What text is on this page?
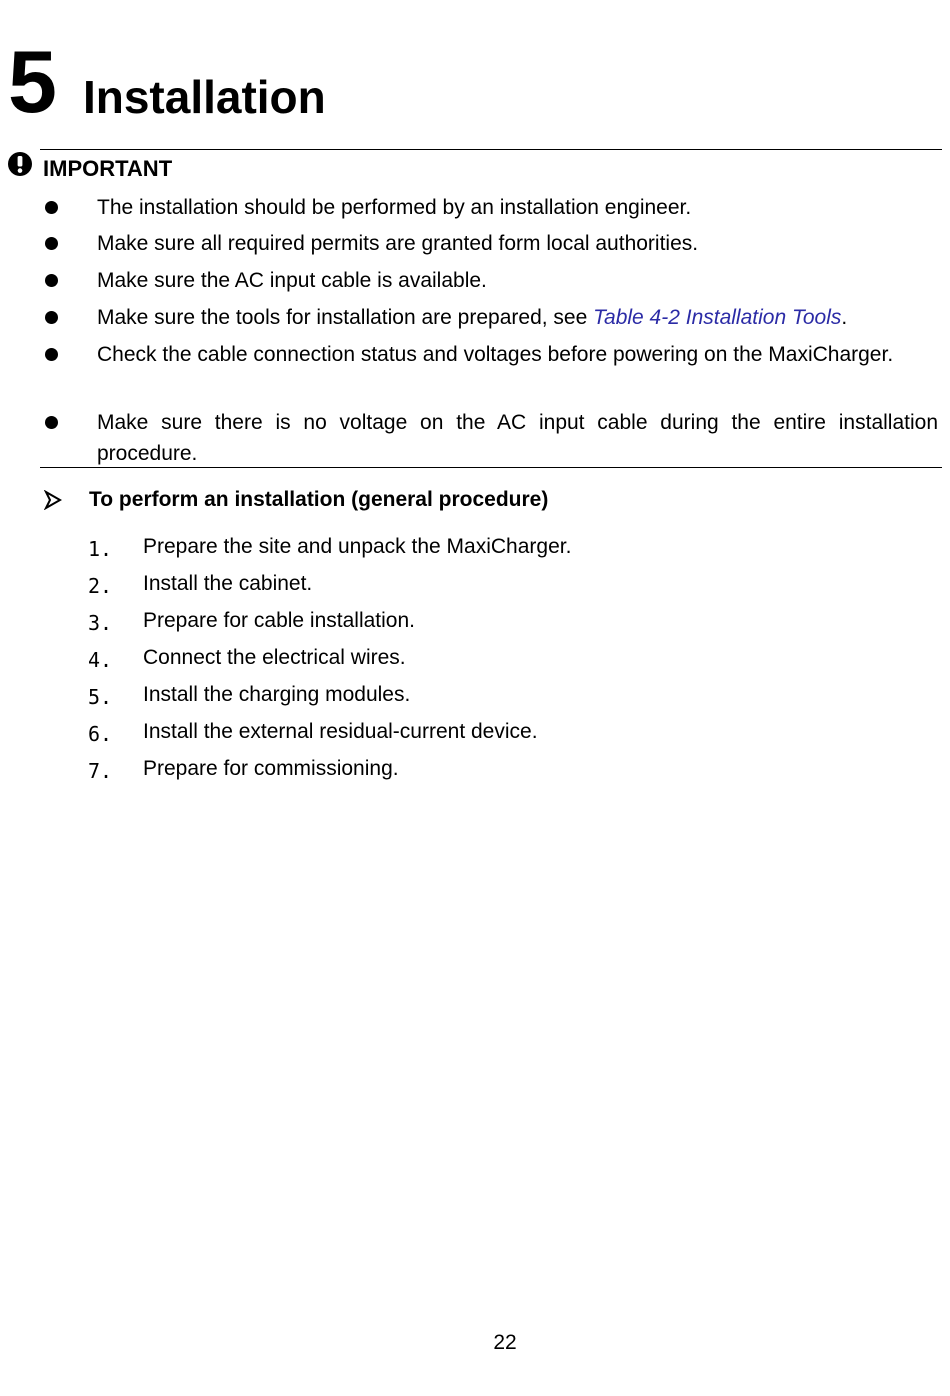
5 Installation
IMPORTANT
The installation should be performed by an installation engineer.
Make sure all required permits are granted form local authorities.
Make sure the AC input cable is available.
Make sure the tools for installation are prepared, see Table 4-2 Installation Tools.
Check the cable connection status and voltages before powering on the MaxiCharger.
Make sure there is no voltage on the AC input cable during the entire installation procedure.
To perform an installation (general procedure)
1. Prepare the site and unpack the MaxiCharger.
2. Install the cabinet.
3. Prepare for cable installation.
4. Connect the electrical wires.
5. Install the charging modules.
6. Install the external residual-current device.
7. Prepare for commissioning.
22
